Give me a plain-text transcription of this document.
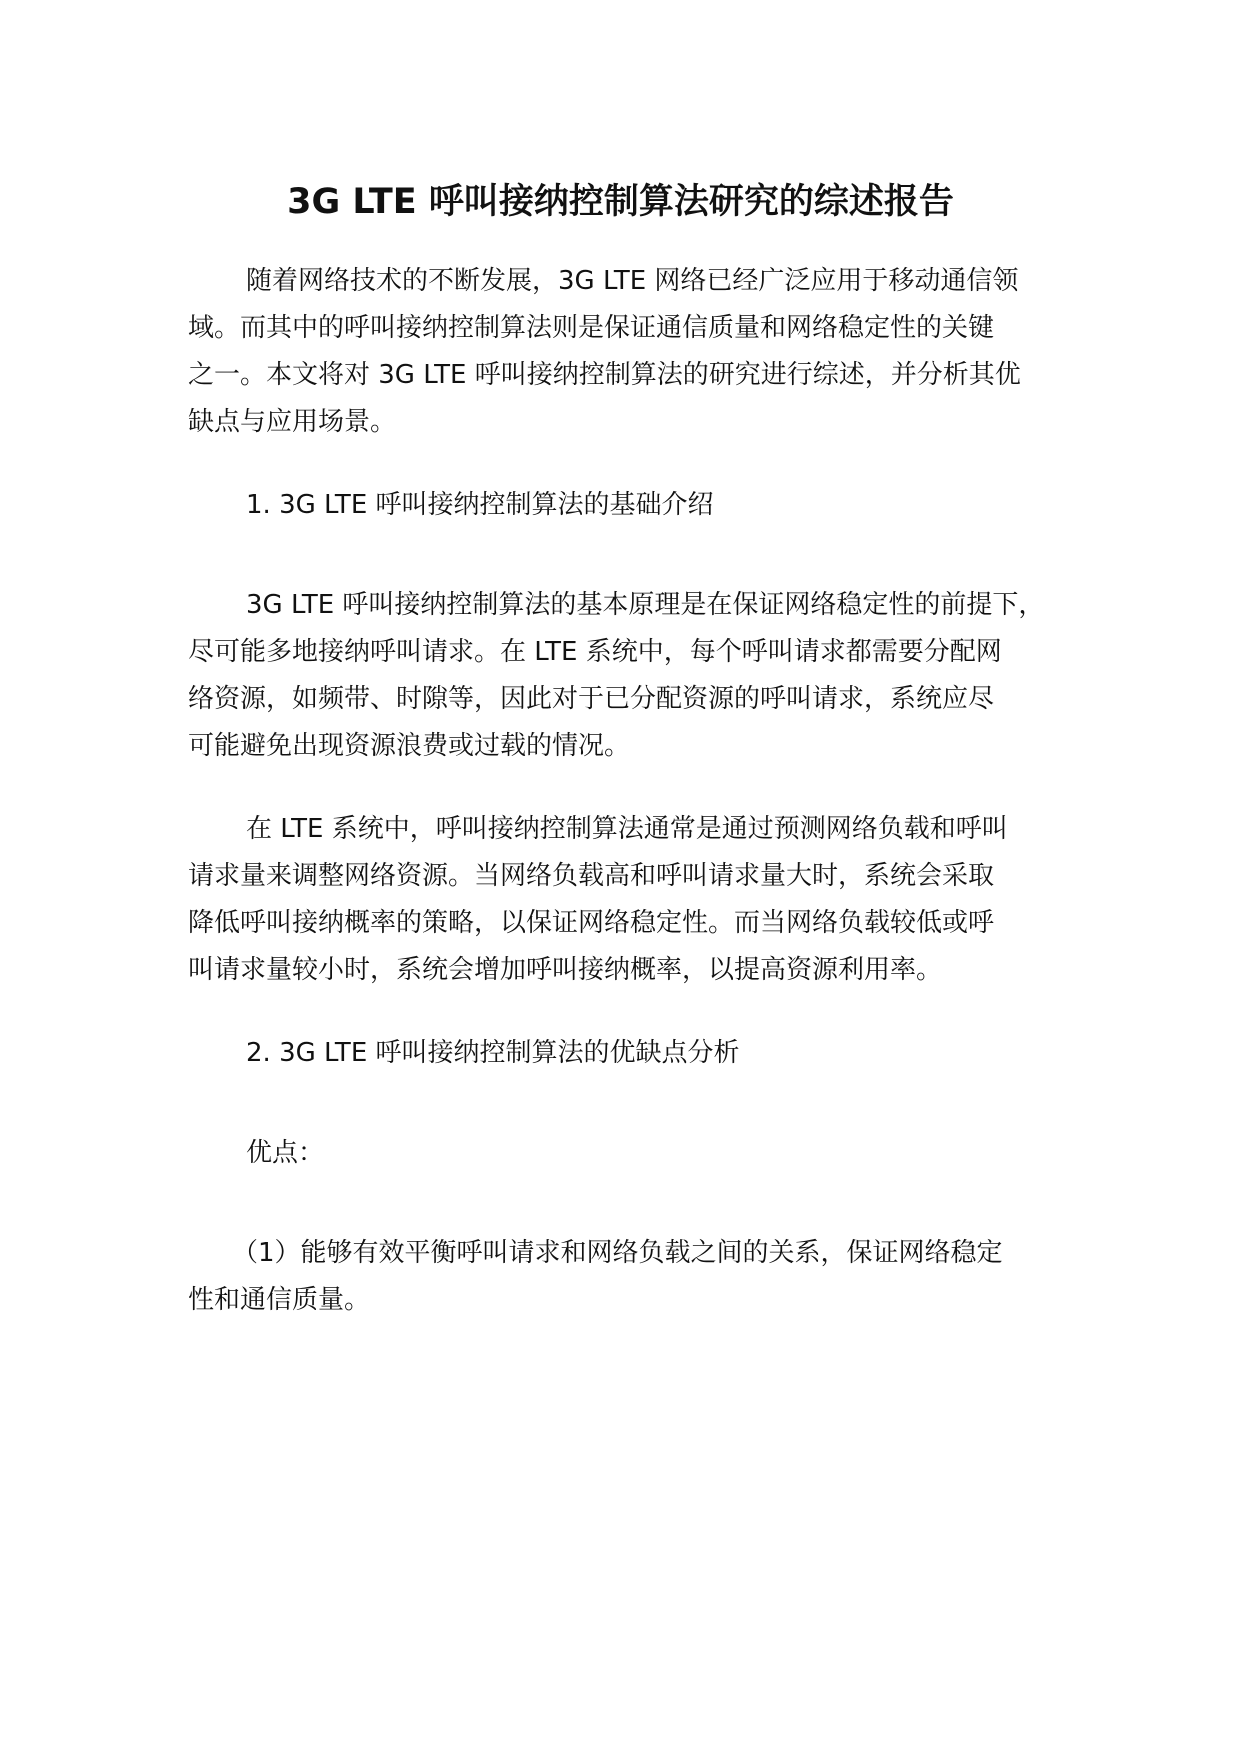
3G LTE 呼叫接纳控制算法研究的综述报告
随着网络技术的不断发展，3G LTE 网络已经广泛应用于移动通信领
域。而其中的呼叫接纳控制算法则是保证通信质量和网络稳定性的关键
之一。本文将对 3G LTE 呼叫接纳控制算法的研究进行综述，并分析其优
缺点与应用场景。
1. 3G LTE 呼叫接纳控制算法的基础介绍
3G LTE 呼叫接纳控制算法的基本原理是在保证网络稳定性的前提下，
尽可能多地接纳呼叫请求。在 LTE 系统中，每个呼叫请求都需要分配网
络资源，如频带、时隙等，因此对于已分配资源的呼叫请求，系统应尽
可能避免出现资源浪费或过载的情况。
在 LTE 系统中，呼叫接纳控制算法通常是通过预测网络负载和呼叫
请求量来调整网络资源。当网络负载高和呼叫请求量大时，系统会采取
降低呼叫接纳概率的策略，以保证网络稳定性。而当网络负载较低或呼
叫请求量较小时，系统会增加呼叫接纳概率，以提高资源利用率。
2. 3G LTE 呼叫接纳控制算法的优缺点分析
优点：
（1）能够有效平衡呼叫请求和网络负载之间的关系，保证网络稳定
性和通信质量。
